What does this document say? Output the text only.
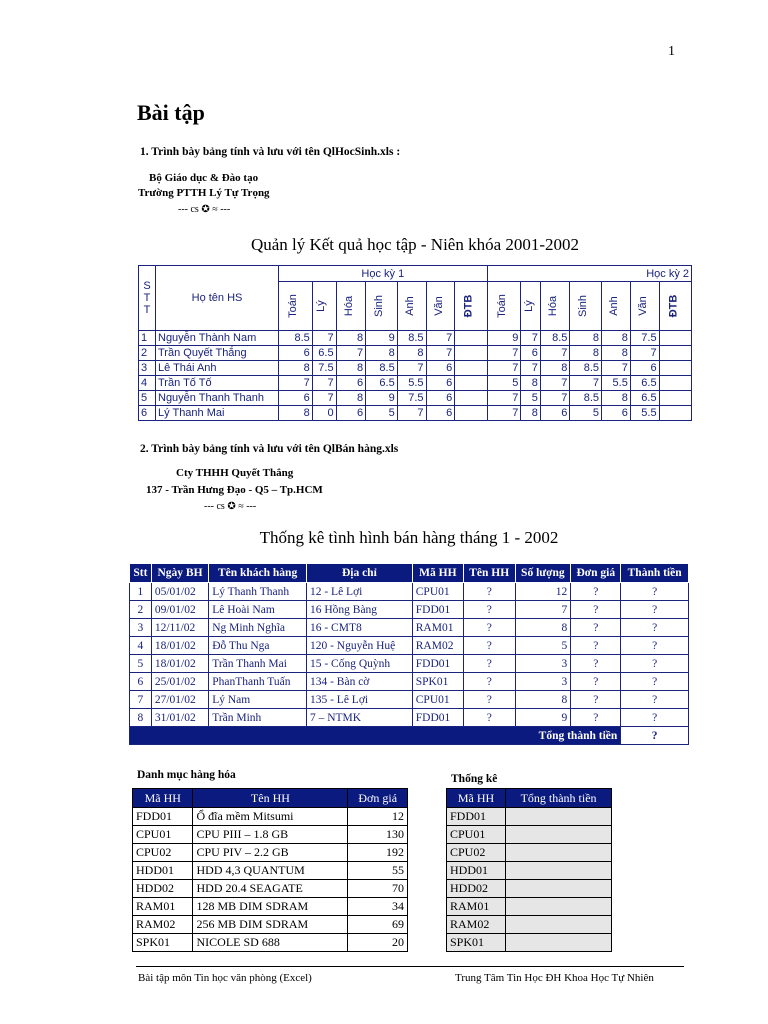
1
Bài tập
1. Trình bày bảng tính và lưu với tên QlHocSinh.xls :
Bộ Giáo dục & Đào tạo
Trường PTTH Lý Tự Trọng
--- cs ✪ ≈ ---
Quản lý Kết quả học tập - Niên khóa 2001-2002
S T T	Họ tên HS	Học kỳ 1							Học kỳ 2						
		Toán	Lý	Hóa	Sinh	Anh	Văn	ĐTB	Toán	Lý	Hóa	Sinh	Anh	Văn	ĐTB
1	Nguyễn Thành Nam	8.5	7	8	9	8.5	7		9	7	8.5	8	8	7.5	
2	Trần Quyết Thắng	6	6.5	7	8	8	7		7	6	7	8	8	7	
3	Lê Thái Anh	8	7.5	8	8.5	7	6		7	7	8	8.5	7	6	
4	Trần Tố Tố	7	7	6	6.5	5.5	6		5	8	7	7	5.5	6.5	
5	Nguyễn Thanh Thanh	6	7	8	9	7.5	6		7	5	7	8.5	8	6.5	
6	Lý Thanh Mai	8	0	6	5	7	6		7	8	6	5	6	5.5	
2. Trình bày bảng tính và lưu với tên QlBán hàng.xls
Cty THHH Quyết Thắng
137 - Trần Hưng Đạo - Q5 – Tp.HCM
--- cs ✪ ≈ ---
Thống kê tình hình bán hàng tháng 1 - 2002
Stt	Ngày BH	Tên khách hàng	Địa chỉ	Mã HH	Tên HH	Số lượng	Đơn giá	Thành tiền
1	05/01/02	Lý Thanh Thanh	12 - Lê Lợi	CPU01	?	12	?	?
2	09/01/02	Lê Hoài Nam	16 Hồng Bàng	FDD01	?	7	?	?
3	12/11/02	Ng Minh Nghĩa	16 - CMT8	RAM01	?	8	?	?
4	18/01/02	Đỗ Thu Nga	120 - Nguyễn Huệ	RAM02	?	5	?	?
5	18/01/02	Trần Thanh Mai	15 - Cống Quỳnh	FDD01	?	3	?	?
6	25/01/02	PhanThanh Tuấn	134 - Bàn cờ	SPK01	?	3	?	?
7	27/01/02	Lý Nam	135 - Lê Lợi	CPU01	?	8	?	?
8	31/01/02	Trần Minh	7 – NTMK	FDD01	?	9	?	?
Tổng thành tiền								?
Danh mục hàng hóa	Thống kê
Mã HH	Tên HH	Đơn giá
FDD01	Ổ đĩa mềm Mitsumi	12
CPU01	CPU PIII – 1.8 GB	130
CPU02	CPU PIV – 2.2 GB	192
HDD01	HDD 4,3 QUANTUM	55
HDD02	HDD 20.4 SEAGATE	70
RAM01	128 MB DIM SDRAM	34
RAM02	256 MB DIM SDRAM	69
SPK01	NICOLE SD 688	20
Mã HH	Tổng thành tiền
FDD01	
CPU01	
CPU02	
HDD01	
HDD02	
RAM01	
RAM02	
SPK01	
Bài tập môn Tin học văn phòng (Excel)	Trung Tâm Tin Học ĐH Khoa Học Tự Nhiên
